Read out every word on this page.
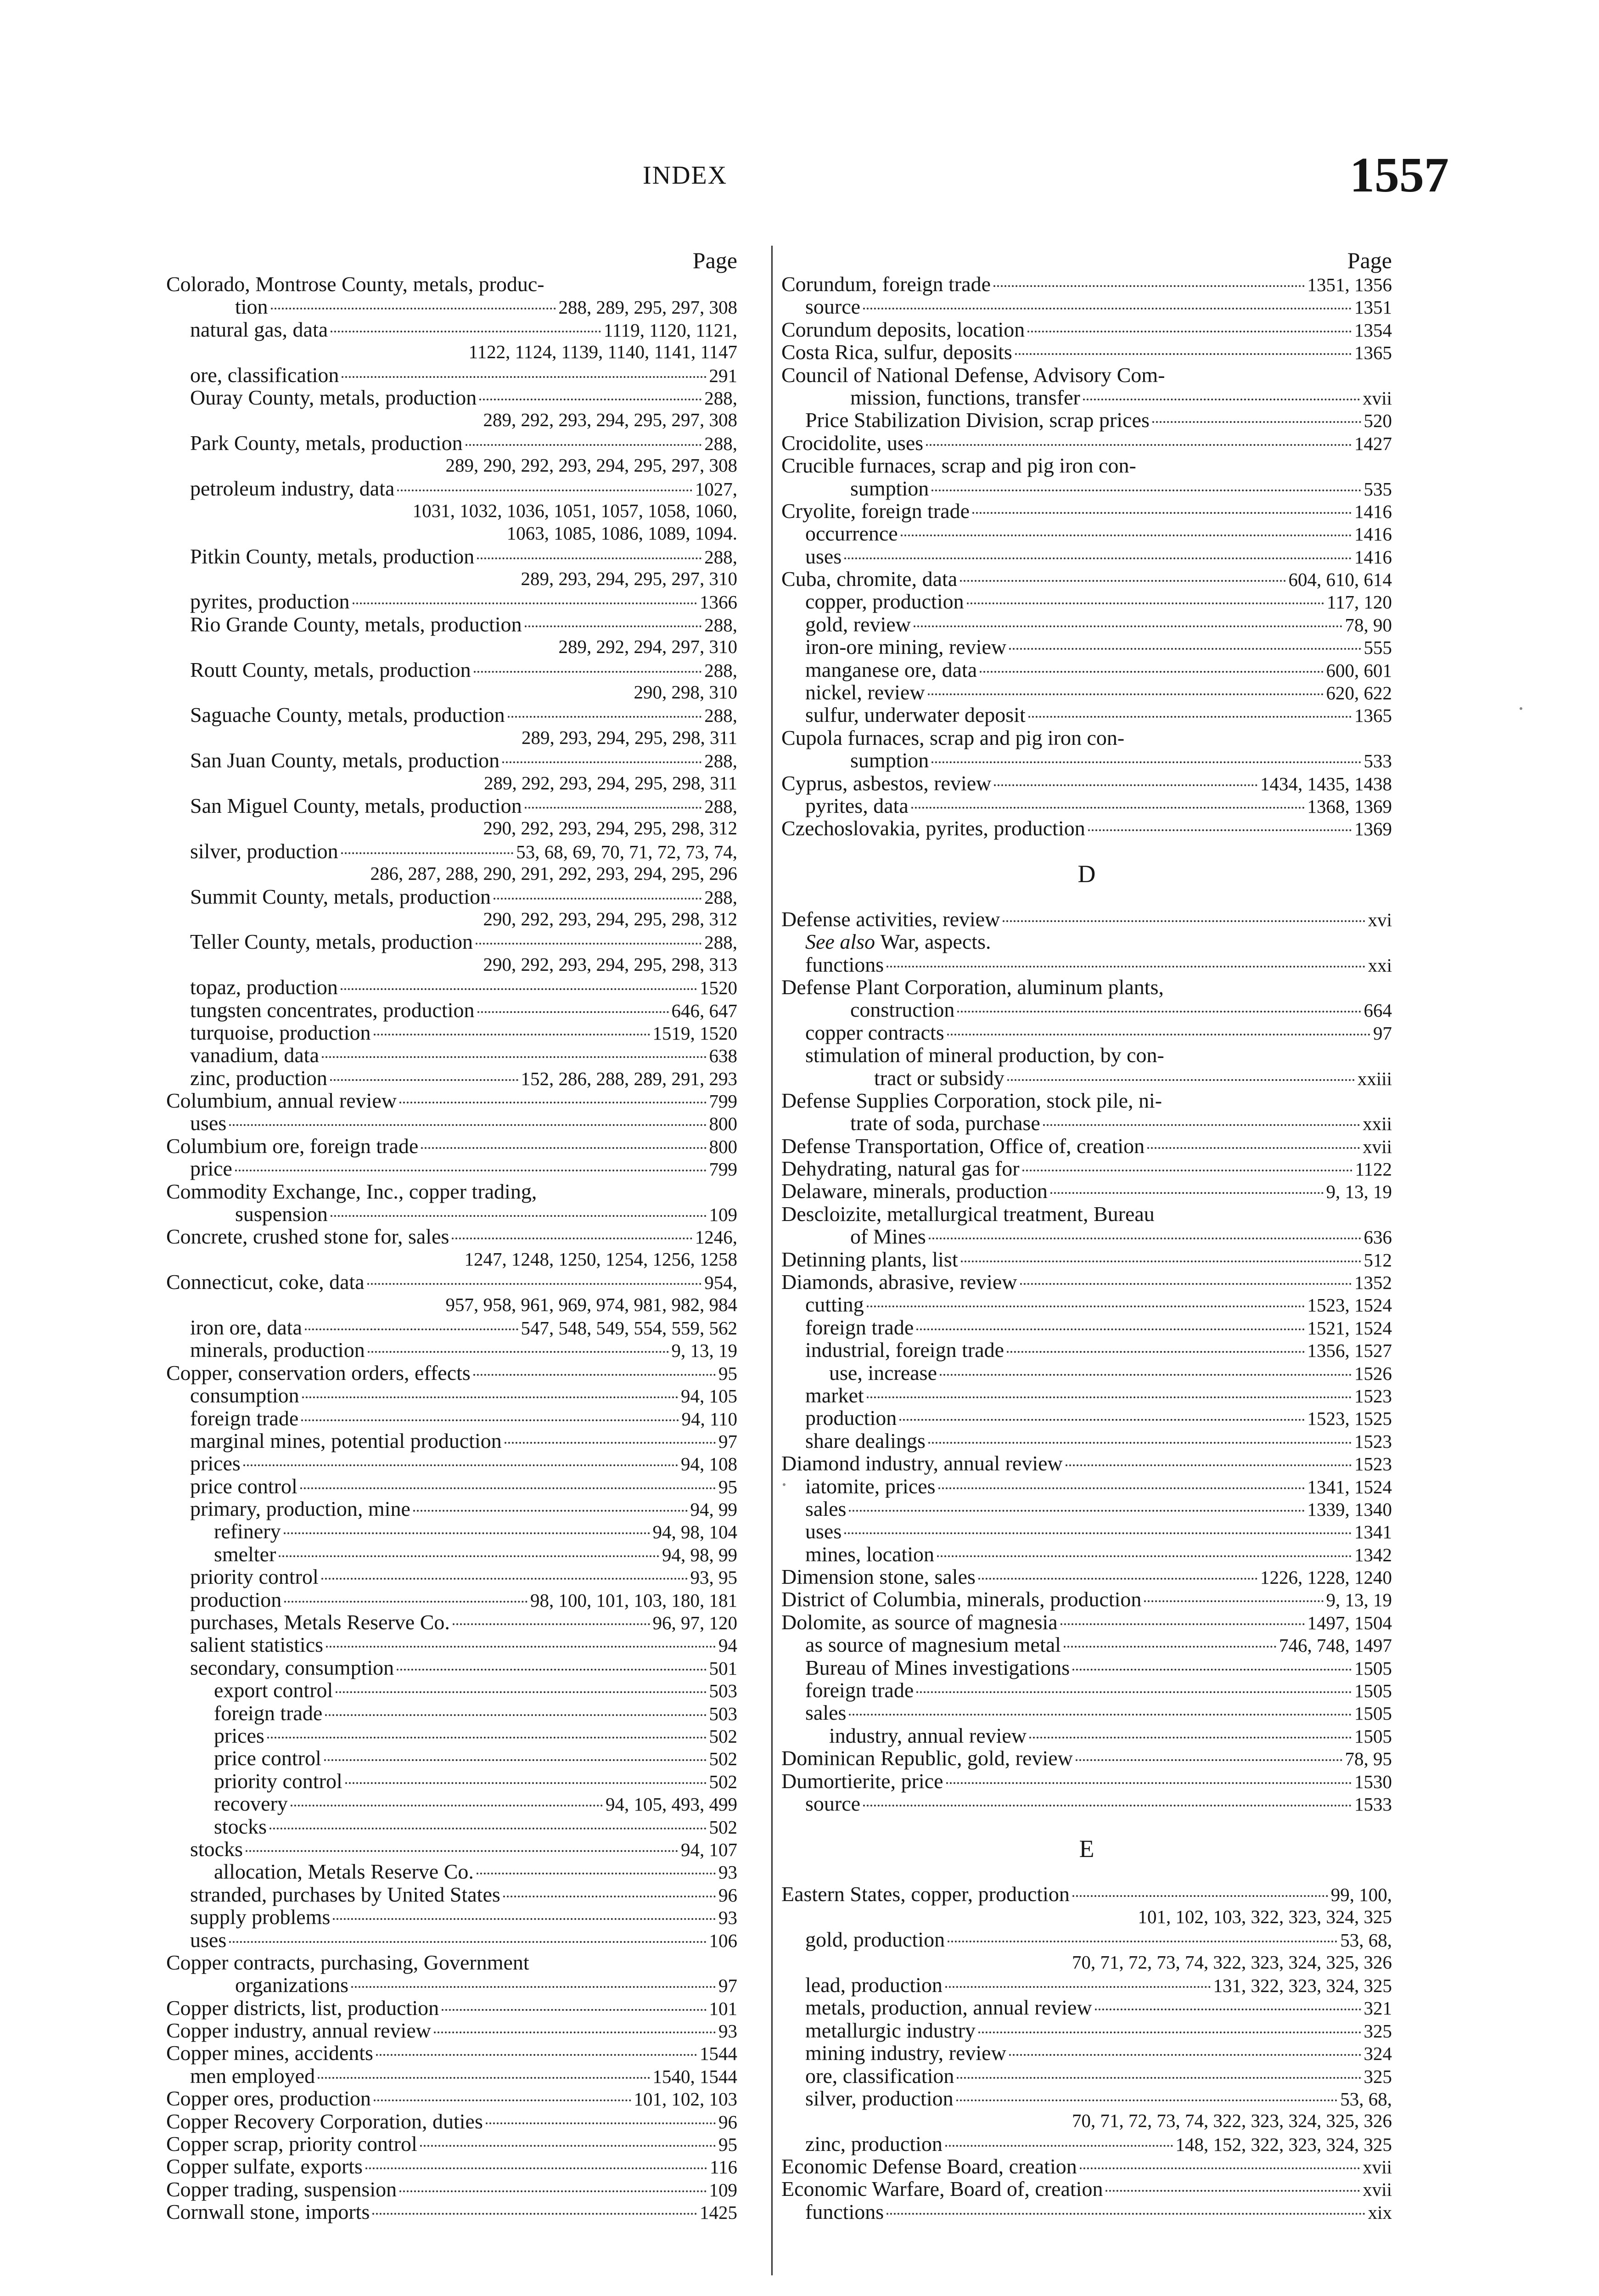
INDEX	1557
Page
Colorado, Montrose County, metals, produc-
tion	288, 289, 295, 297, 308
natural gas, data	1119, 1120, 1121,
1122, 1124, 1139, 1140, 1141, 1147
ore, classification	291
Ouray County, metals, production	288,
289, 292, 293, 294, 295, 297, 308
Park County, metals, production	288,
289, 290, 292, 293, 294, 295, 297, 308
petroleum industry, data	1027,
1031, 1032, 1036, 1051, 1057, 1058, 1060,
1063, 1085, 1086, 1089, 1094.
Pitkin County, metals, production	288,
289, 293, 294, 295, 297, 310
pyrites, production	1366
Rio Grande County, metals, production	288,
289, 292, 294, 297, 310
Routt County, metals, production	288,
290, 298, 310
Saguache County, metals, production	288,
289, 293, 294, 295, 298, 311
San Juan County, metals, production	288,
289, 292, 293, 294, 295, 298, 311
San Miguel County, metals, production	288,
290, 292, 293, 294, 295, 298, 312
silver, production	53, 68, 69, 70, 71, 72, 73, 74,
286, 287, 288, 290, 291, 292, 293, 294, 295, 296
Summit County, metals, production	288,
290, 292, 293, 294, 295, 298, 312
Teller County, metals, production	288,
290, 292, 293, 294, 295, 298, 313
topaz, production	1520
tungsten concentrates, production	646, 647
turquoise, production	1519, 1520
vanadium, data	638
zinc, production	152, 286, 288, 289, 291, 293
Columbium, annual review	799
uses	800
Columbium ore, foreign trade	800
price	799
Commodity Exchange, Inc., copper trading,
suspension	109
Concrete, crushed stone for, sales	1246,
1247, 1248, 1250, 1254, 1256, 1258
Connecticut, coke, data	954,
957, 958, 961, 969, 974, 981, 982, 984
iron ore, data	547, 548, 549, 554, 559, 562
minerals, production	9, 13, 19
Copper, conservation orders, effects	95
consumption	94, 105
foreign trade	94, 110
marginal mines, potential production	97
prices	94, 108
price control	95
primary, production, mine	94, 99
refinery	94, 98, 104
smelter	94, 98, 99
priority control	93, 95
production	98, 100, 101, 103, 180, 181
purchases, Metals Reserve Co.	96, 97, 120
salient statistics	94
secondary, consumption	501
export control	503
foreign trade	503
prices	502
price control	502
priority control	502
recovery	94, 105, 493, 499
stocks	502
stocks	94, 107
allocation, Metals Reserve Co.	93
stranded, purchases by United States	96
supply problems	93
uses	106
Copper contracts, purchasing, Government
organizations	97
Copper districts, list, production	101
Copper industry, annual review	93
Copper mines, accidents	1544
men employed	1540, 1544
Copper ores, production	101, 102, 103
Copper Recovery Corporation, duties	96
Copper scrap, priority control	95
Copper sulfate, exports	116
Copper trading, suspension	109
Cornwall stone, imports	1425
Page
Corundum, foreign trade	1351, 1356
source	1351
Corundum deposits, location	1354
Costa Rica, sulfur, deposits	1365
Council of National Defense, Advisory Com-
mission, functions, transfer	xvii
Price Stabilization Division, scrap prices	520
Crocidolite, uses	1427
Crucible furnaces, scrap and pig iron con-
sumption	535
Cryolite, foreign trade	1416
occurrence	1416
uses	1416
Cuba, chromite, data	604, 610, 614
copper, production	117, 120
gold, review	78, 90
iron-ore mining, review	555
manganese ore, data	600, 601
nickel, review	620, 622
sulfur, underwater deposit	1365
Cupola furnaces, scrap and pig iron con-
sumption	533
Cyprus, asbestos, review	1434, 1435, 1438
pyrites, data	1368, 1369
Czechoslovakia, pyrites, production	1369
D
Defense activities, review	xvi
See also
War, aspects.
functions	xxi
Defense Plant Corporation, aluminum plants,
construction	664
copper contracts	97
stimulation of mineral production, by con-
tract or subsidy	xxiii
Defense Supplies Corporation, stock pile, ni-
trate of soda, purchase	xxii
Defense Transportation, Office of, creation	xvii
Dehydrating, natural gas for	1122
Delaware, minerals, production	9, 13, 19
Descloizite, metallurgical treatment, Bureau
of Mines	636
Detinning plants, list	512
Diamonds, abrasive, review	1352
cutting	1523, 1524
foreign trade	1521, 1524
industrial, foreign trade	1356, 1527
use, increase	1526
market	1523
production	1523, 1525
share dealings	1523
Diamond industry, annual review	1523
iatomite, prices	1341, 1524
sales	1339, 1340
uses	1341
mines, location	1342
Dimension stone, sales	1226, 1228, 1240
District of Columbia, minerals, production	9, 13, 19
Dolomite, as source of magnesia	1497, 1504
as source of magnesium metal	746, 748, 1497
Bureau of Mines investigations	1505
foreign trade	1505
sales	1505
industry, annual review	1505
Dominican Republic, gold, review	78, 95
Dumortierite, price	1530
source	1533
E
Eastern States, copper, production	99, 100,
101, 102, 103, 322, 323, 324, 325
gold, production	53, 68,
70, 71, 72, 73, 74, 322, 323, 324, 325, 326
lead, production	131, 322, 323, 324, 325
metals, production, annual review	321
metallurgic industry	325
mining industry, review	324
ore, classification	325
silver, production	53, 68,
70, 71, 72, 73, 74, 322, 323, 324, 325, 326
zinc, production	148, 152, 322, 323, 324, 325
Economic Defense Board, creation	xvii
Economic Warfare, Board of, creation	xvii
functions	xix
